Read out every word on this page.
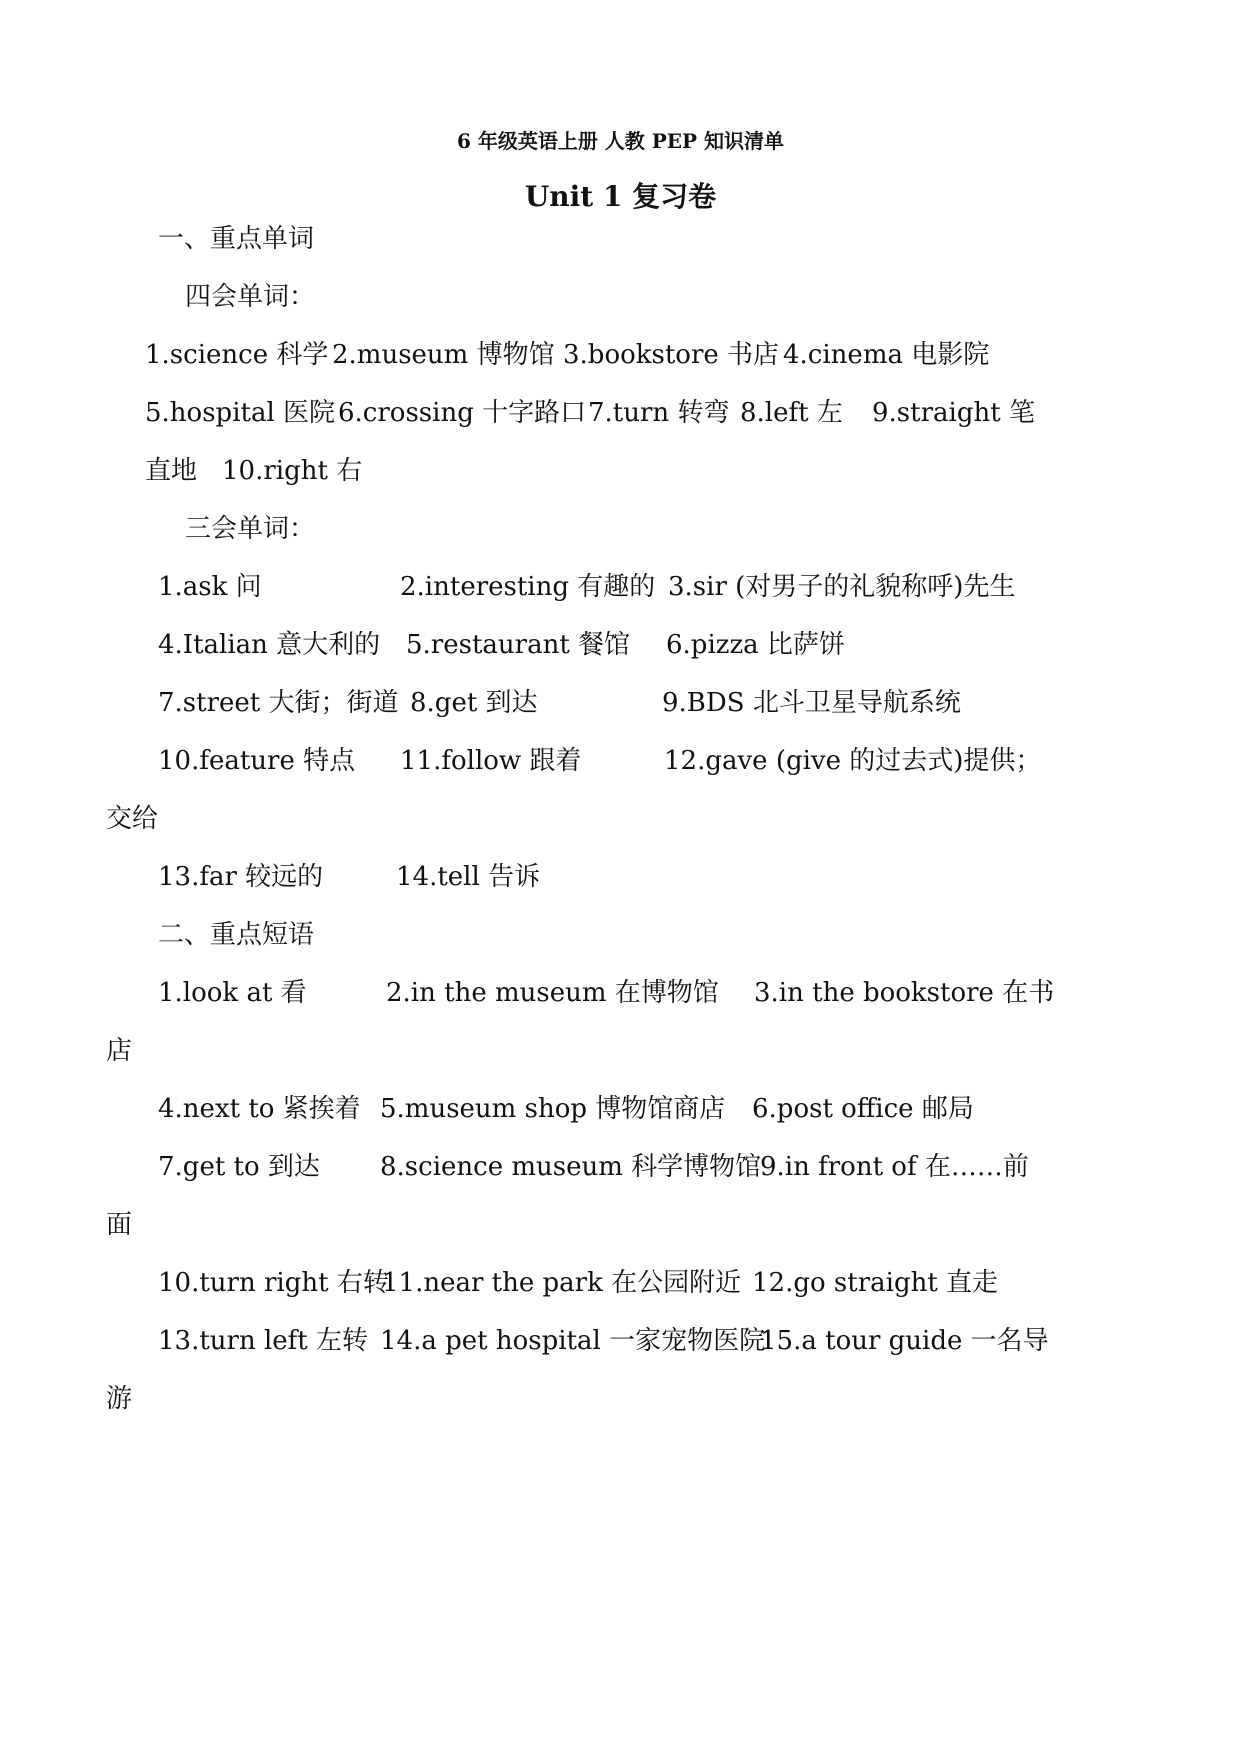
6 年级英语上册 人教 PEP 知识清单
Unit 1 复习卷
一、重点单词
四会单词：
1.science 科学 2.museum 博物馆 3.bookstore 书店 4.cinema 电影院
5.hospital 医院 6.crossing 十字路口 7.turn 转弯 8.left 左 9.straight 笔
直地 10.right 右
三会单词：
1.ask 问	2.interesting 有趣的 3.sir (对男子的礼貌称呼)先生
4.Italian 意大利的 5.restaurant 餐馆 6.pizza 比萨饼
7.street 大街；街道 8.get 到达	9.BDS 北斗卫星导航系统
10.feature 特点 11.follow 跟着	12.gave (give 的过去式)提供；
交给
13.far 较远的	14.tell 告诉
二、重点短语
1.look at 看	2.in the museum 在博物馆 3.in the bookstore 在书
店
4.next to 紧挨着 5.museum shop 博物馆商店 6.post office 邮局
7.get to 到达 8.science museum 科学博物馆
9.in front of 在……前
面
10.turn right 右转
11.near the park 在公园附近 12.go straight 直走
13.turn left 左转 14.a pet hospital 一家宠物医院
15.a tour guide 一名导
游
